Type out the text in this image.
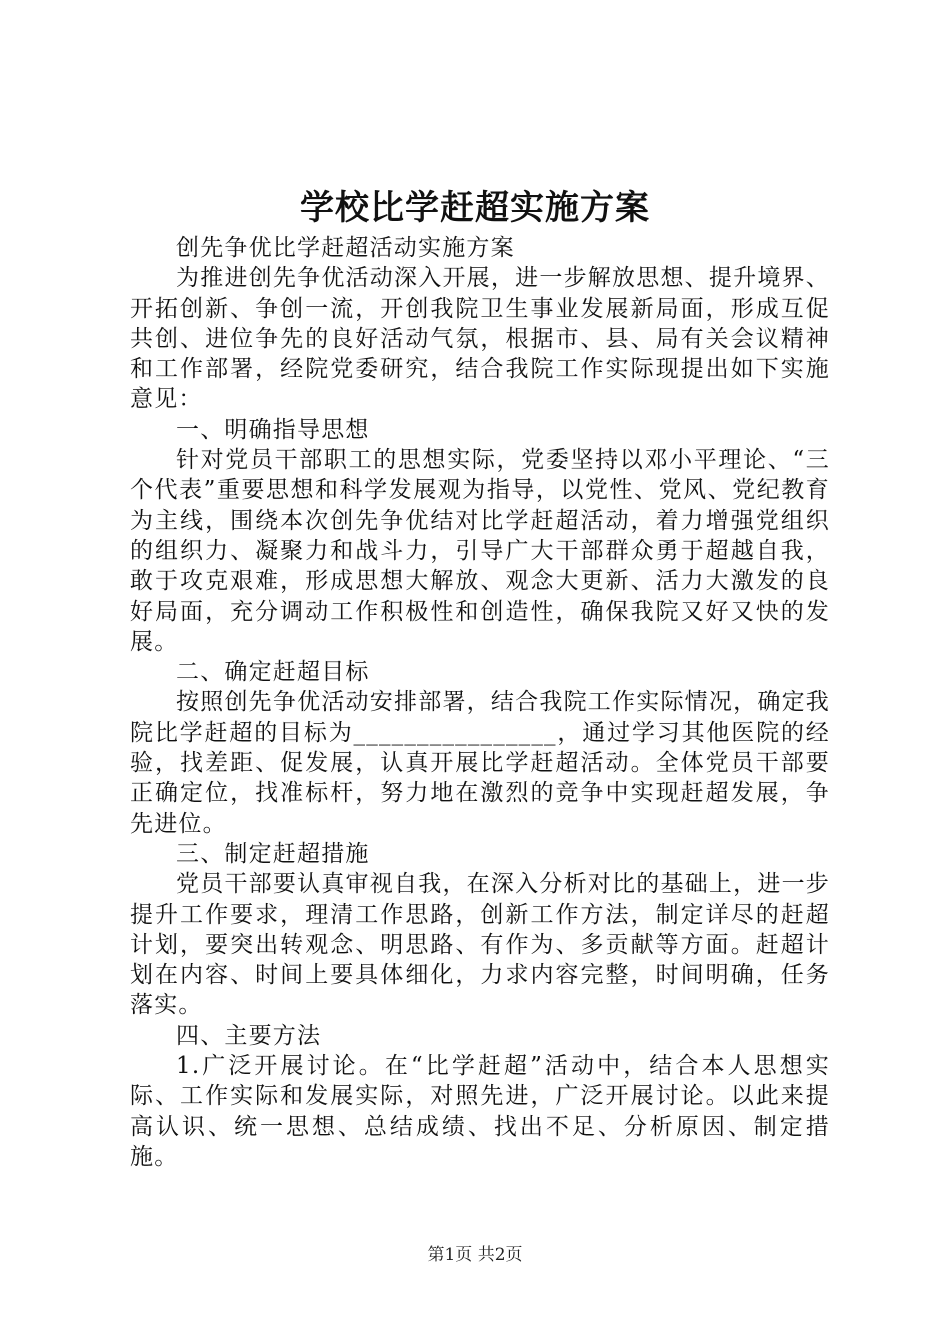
学校比学赶超实施方案

创先争优比学赶超活动实施方案

为推进创先争优活动深入开展，进一步解放思想、提升境界、开拓创新、争创一流，开创我院卫生事业发展新局面，形成互促共创、进位争先的良好活动气氛，根据市、县、局有关会议精神和工作部署，经院党委研究，结合我院工作实际现提出如下实施意见：

一、明确指导思想

针对党员干部职工的思想实际，党委坚持以邓小平理论、“三个代表”重要思想和科学发展观为指导，以党性、党风、党纪教育为主线，围绕本次创先争优结对比学赶超活动，着力增强党组织的组织力、凝聚力和战斗力，引导广大干部群众勇于超越自我，敢于攻克艰难，形成思想大解放、观念大更新、活力大激发的良好局面，充分调动工作积极性和创造性，确保我院又好又快的发展。

二、确定赶超目标

按照创先争优活动安排部署，结合我院工作实际情况，确定我院比学赶超的目标为________________，通过学习其他医院的经验，找差距、促发展，认真开展比学赶超活动。全体党员干部要正确定位，找准标杆，努力地在激烈的竞争中实现赶超发展，争先进位。

三、制定赶超措施

党员干部要认真审视自我，在深入分析对比的基础上，进一步提升工作要求，理清工作思路，创新工作方法，制定详尽的赶超计划，要突出转观念、明思路、有作为、多贡献等方面。赶超计划在内容、时间上要具体细化，力求内容完整，时间明确，任务落实。

四、主要方法

1.广泛开展讨论。在“比学赶超”活动中，结合本人思想实际、工作实际和发展实际，对照先进，广泛开展讨论。以此来提高认识、统一思想、总结成绩、找出不足、分析原因、制定措施。

第1页 共2页
